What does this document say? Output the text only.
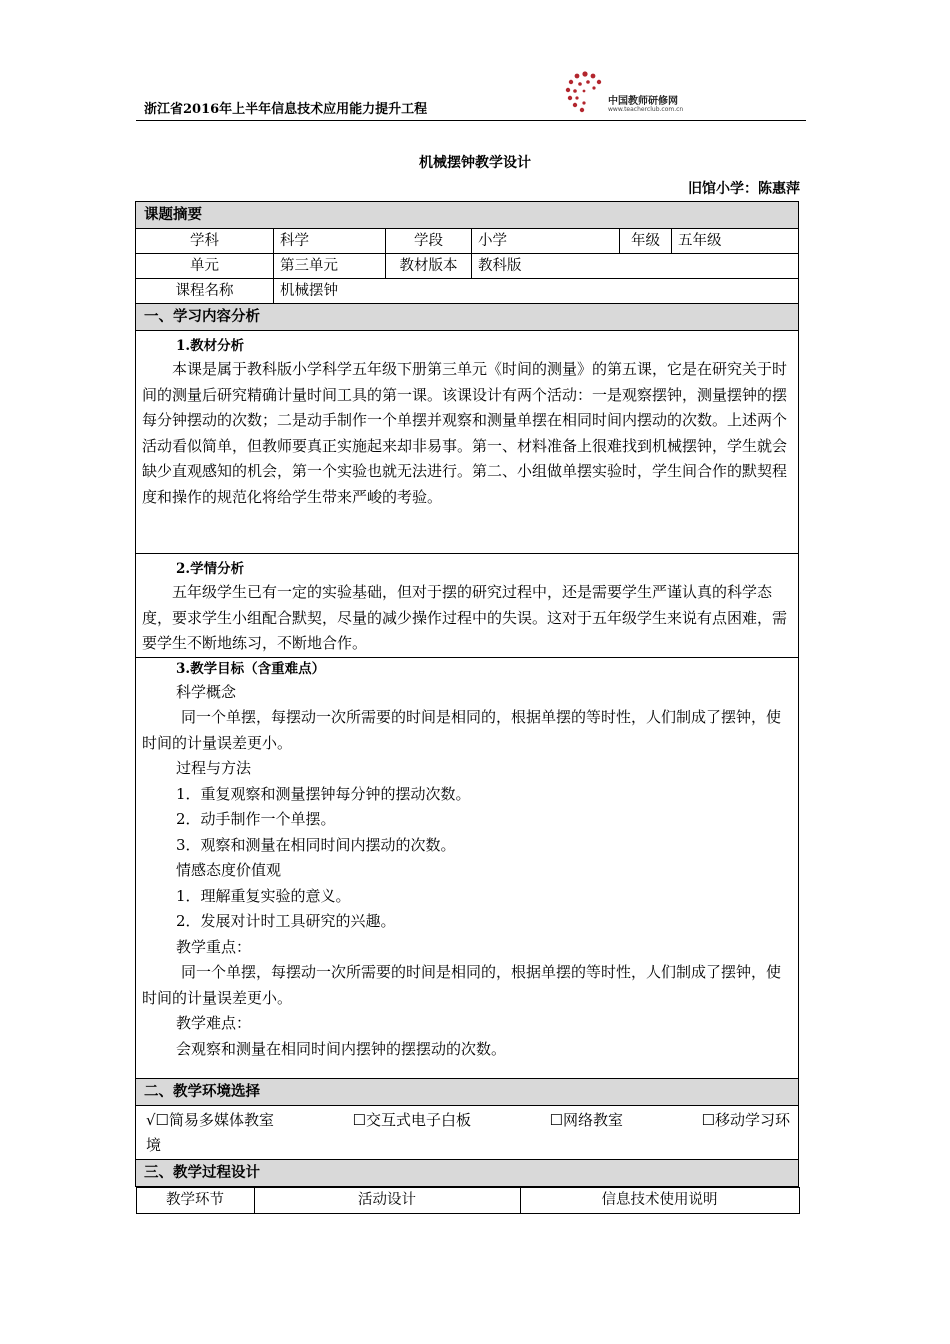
浙江省2016年上半年信息技术应用能力提升工程
中国教师研修网
www.teacherclub.com.cn
机械摆钟教学设计
旧馆小学：陈惠萍
课题摘要
学科	科学	学段	小学	年级	五年级
单元	第三单元	教材版本	教科版
课程名称	机械摆钟
一、学习内容分析

1.教材分析
本课是属于教科版小学科学五年级下册第三单元《时间的测量》的第五课，它是在研究关于时间的测量后研究精确计量时间工具的第一课。该课设计有两个活动：一是观察摆钟，测量摆钟的摆每分钟摆动的次数；二是动手制作一个单摆并观察和测量单摆在相同时间内摆动的次数。上述两个活动看似简单，但教师要真正实施起来却非易事。第一、材料准备上很难找到机械摆钟，学生就会缺少直观感知的机会，第一个实验也就无法进行。第二、小组做单摆实验时，学生间合作的默契程度和操作的规范化将给学生带来严峻的考验。

2.学情分析
五年级学生已有一定的实验基础，但对于摆的研究过程中，还是需要学生严谨认真的科学态度，要求学生小组配合默契，尽量的减少操作过程中的失误。这对于五年级学生来说有点困难，需要学生不断地练习，不断地合作。

3.教学目标（含重难点）
科学概念
同一个单摆，每摆动一次所需要的时间是相同的，根据单摆的等时性，人们制成了摆钟，使时间的计量误差更小。
过程与方法
1．重复观察和测量摆钟每分钟的摆动次数。
2．动手制作一个单摆。
3．观察和测量在相同时间内摆动的次数。
情感态度价值观
1．理解重复实验的意义。
2．发展对计时工具研究的兴趣。
教学重点：
同一个单摆，每摆动一次所需要的时间是相同的，根据单摆的等时性，人们制成了摆钟，使时间的计量误差更小。
教学难点：
会观察和测量在相同时间内摆钟的摆摆动的次数。

二、教学环境选择

√☐简易多媒体教室	☐交互式电子白板	☐网络教室	☐移动学习环
境

三、教学过程设计

教学环节	活动设计	信息技术使用说明
